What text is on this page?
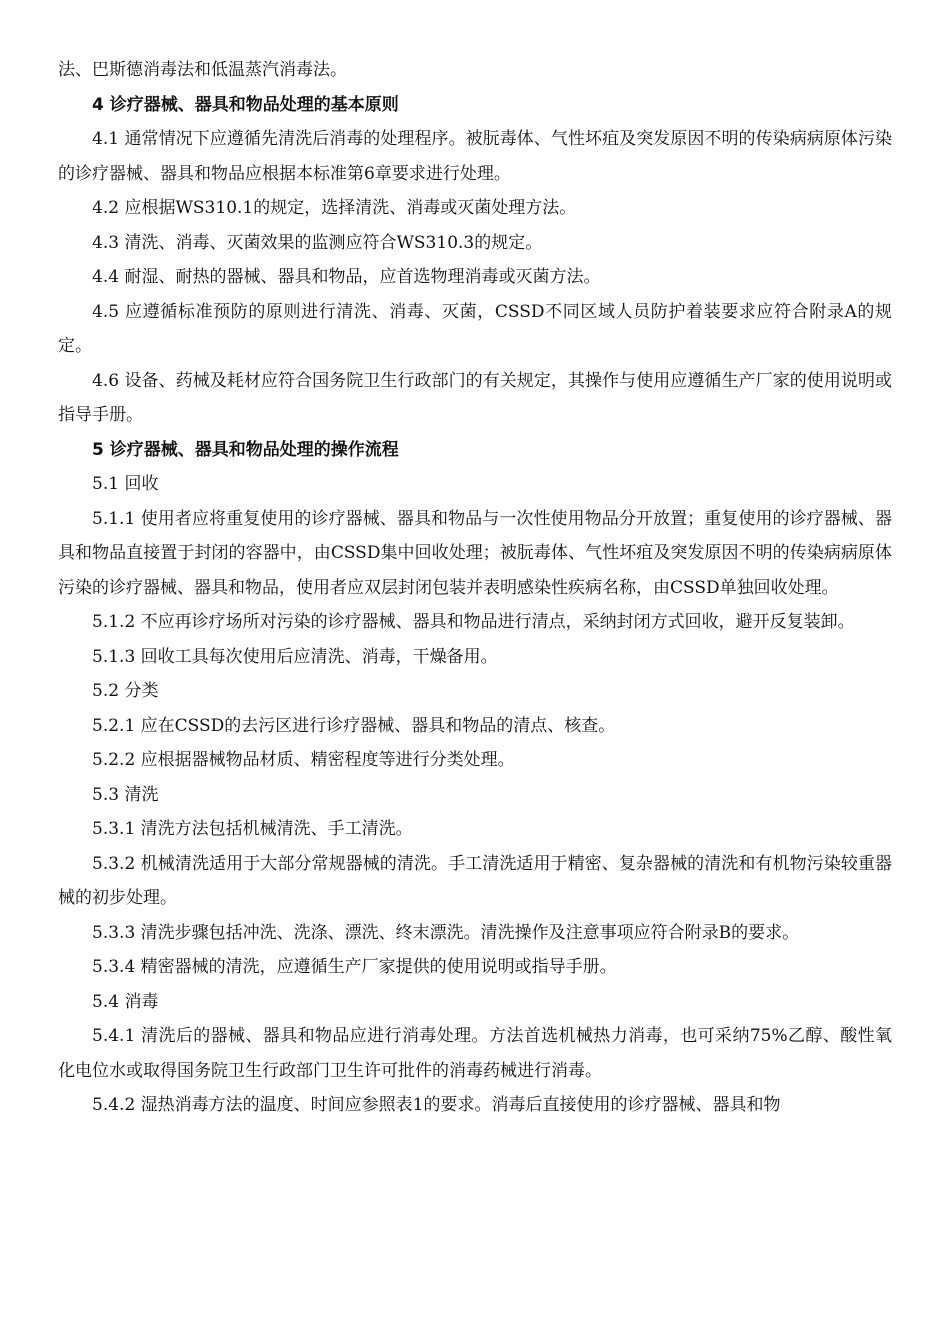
法、巴斯德消毒法和低温蒸汽消毒法。

4 诊疗器械、器具和物品处理的基本原则

4.1 通常情况下应遵循先清洗后消毒的处理程序。被朊毒体、气性坏疽及突发原因不明的传染病病原体污染的诊疗器械、器具和物品应根据本标准第6章要求进行处理。

4.2 应根据WS310.1的规定，选择清洗、消毒或灭菌处理方法。

4.3 清洗、消毒、灭菌效果的监测应符合WS310.3的规定。

4.4 耐湿、耐热的器械、器具和物品，应首选物理消毒或灭菌方法。

4.5 应遵循标准预防的原则进行清洗、消毒、灭菌，CSSD不同区域人员防护着装要求应符合附录A的规定。

4.6 设备、药械及耗材应符合国务院卫生行政部门的有关规定，其操作与使用应遵循生产厂家的使用说明或指导手册。

5 诊疗器械、器具和物品处理的操作流程

5.1 回收

5.1.1 使用者应将重复使用的诊疗器械、器具和物品与一次性使用物品分开放置；重复使用的诊疗器械、器具和物品直接置于封闭的容器中，由CSSD集中回收处理；被朊毒体、气性坏疽及突发原因不明的传染病病原体污染的诊疗器械、器具和物品，使用者应双层封闭包装并表明感染性疾病名称，由CSSD单独回收处理。

5.1.2 不应再诊疗场所对污染的诊疗器械、器具和物品进行清点，采纳封闭方式回收，避开反复装卸。

5.1.3 回收工具每次使用后应清洗、消毒，干燥备用。

5.2 分类

5.2.1 应在CSSD的去污区进行诊疗器械、器具和物品的清点、核查。

5.2.2 应根据器械物品材质、精密程度等进行分类处理。

5.3 清洗

5.3.1 清洗方法包括机械清洗、手工清洗。

5.3.2 机械清洗适用于大部分常规器械的清洗。手工清洗适用于精密、复杂器械的清洗和有机物污染较重器械的初步处理。

5.3.3 清洗步骤包括冲洗、洗涤、漂洗、终末漂洗。清洗操作及注意事项应符合附录B的要求。

5.3.4 精密器械的清洗，应遵循生产厂家提供的使用说明或指导手册。

5.4 消毒

5.4.1 清洗后的器械、器具和物品应进行消毒处理。方法首选机械热力消毒，也可采纳75%乙醇、酸性氧化电位水或取得国务院卫生行政部门卫生许可批件的消毒药械进行消毒。

5.4.2 湿热消毒方法的温度、时间应参照表1的要求。消毒后直接使用的诊疗器械、器具和物
